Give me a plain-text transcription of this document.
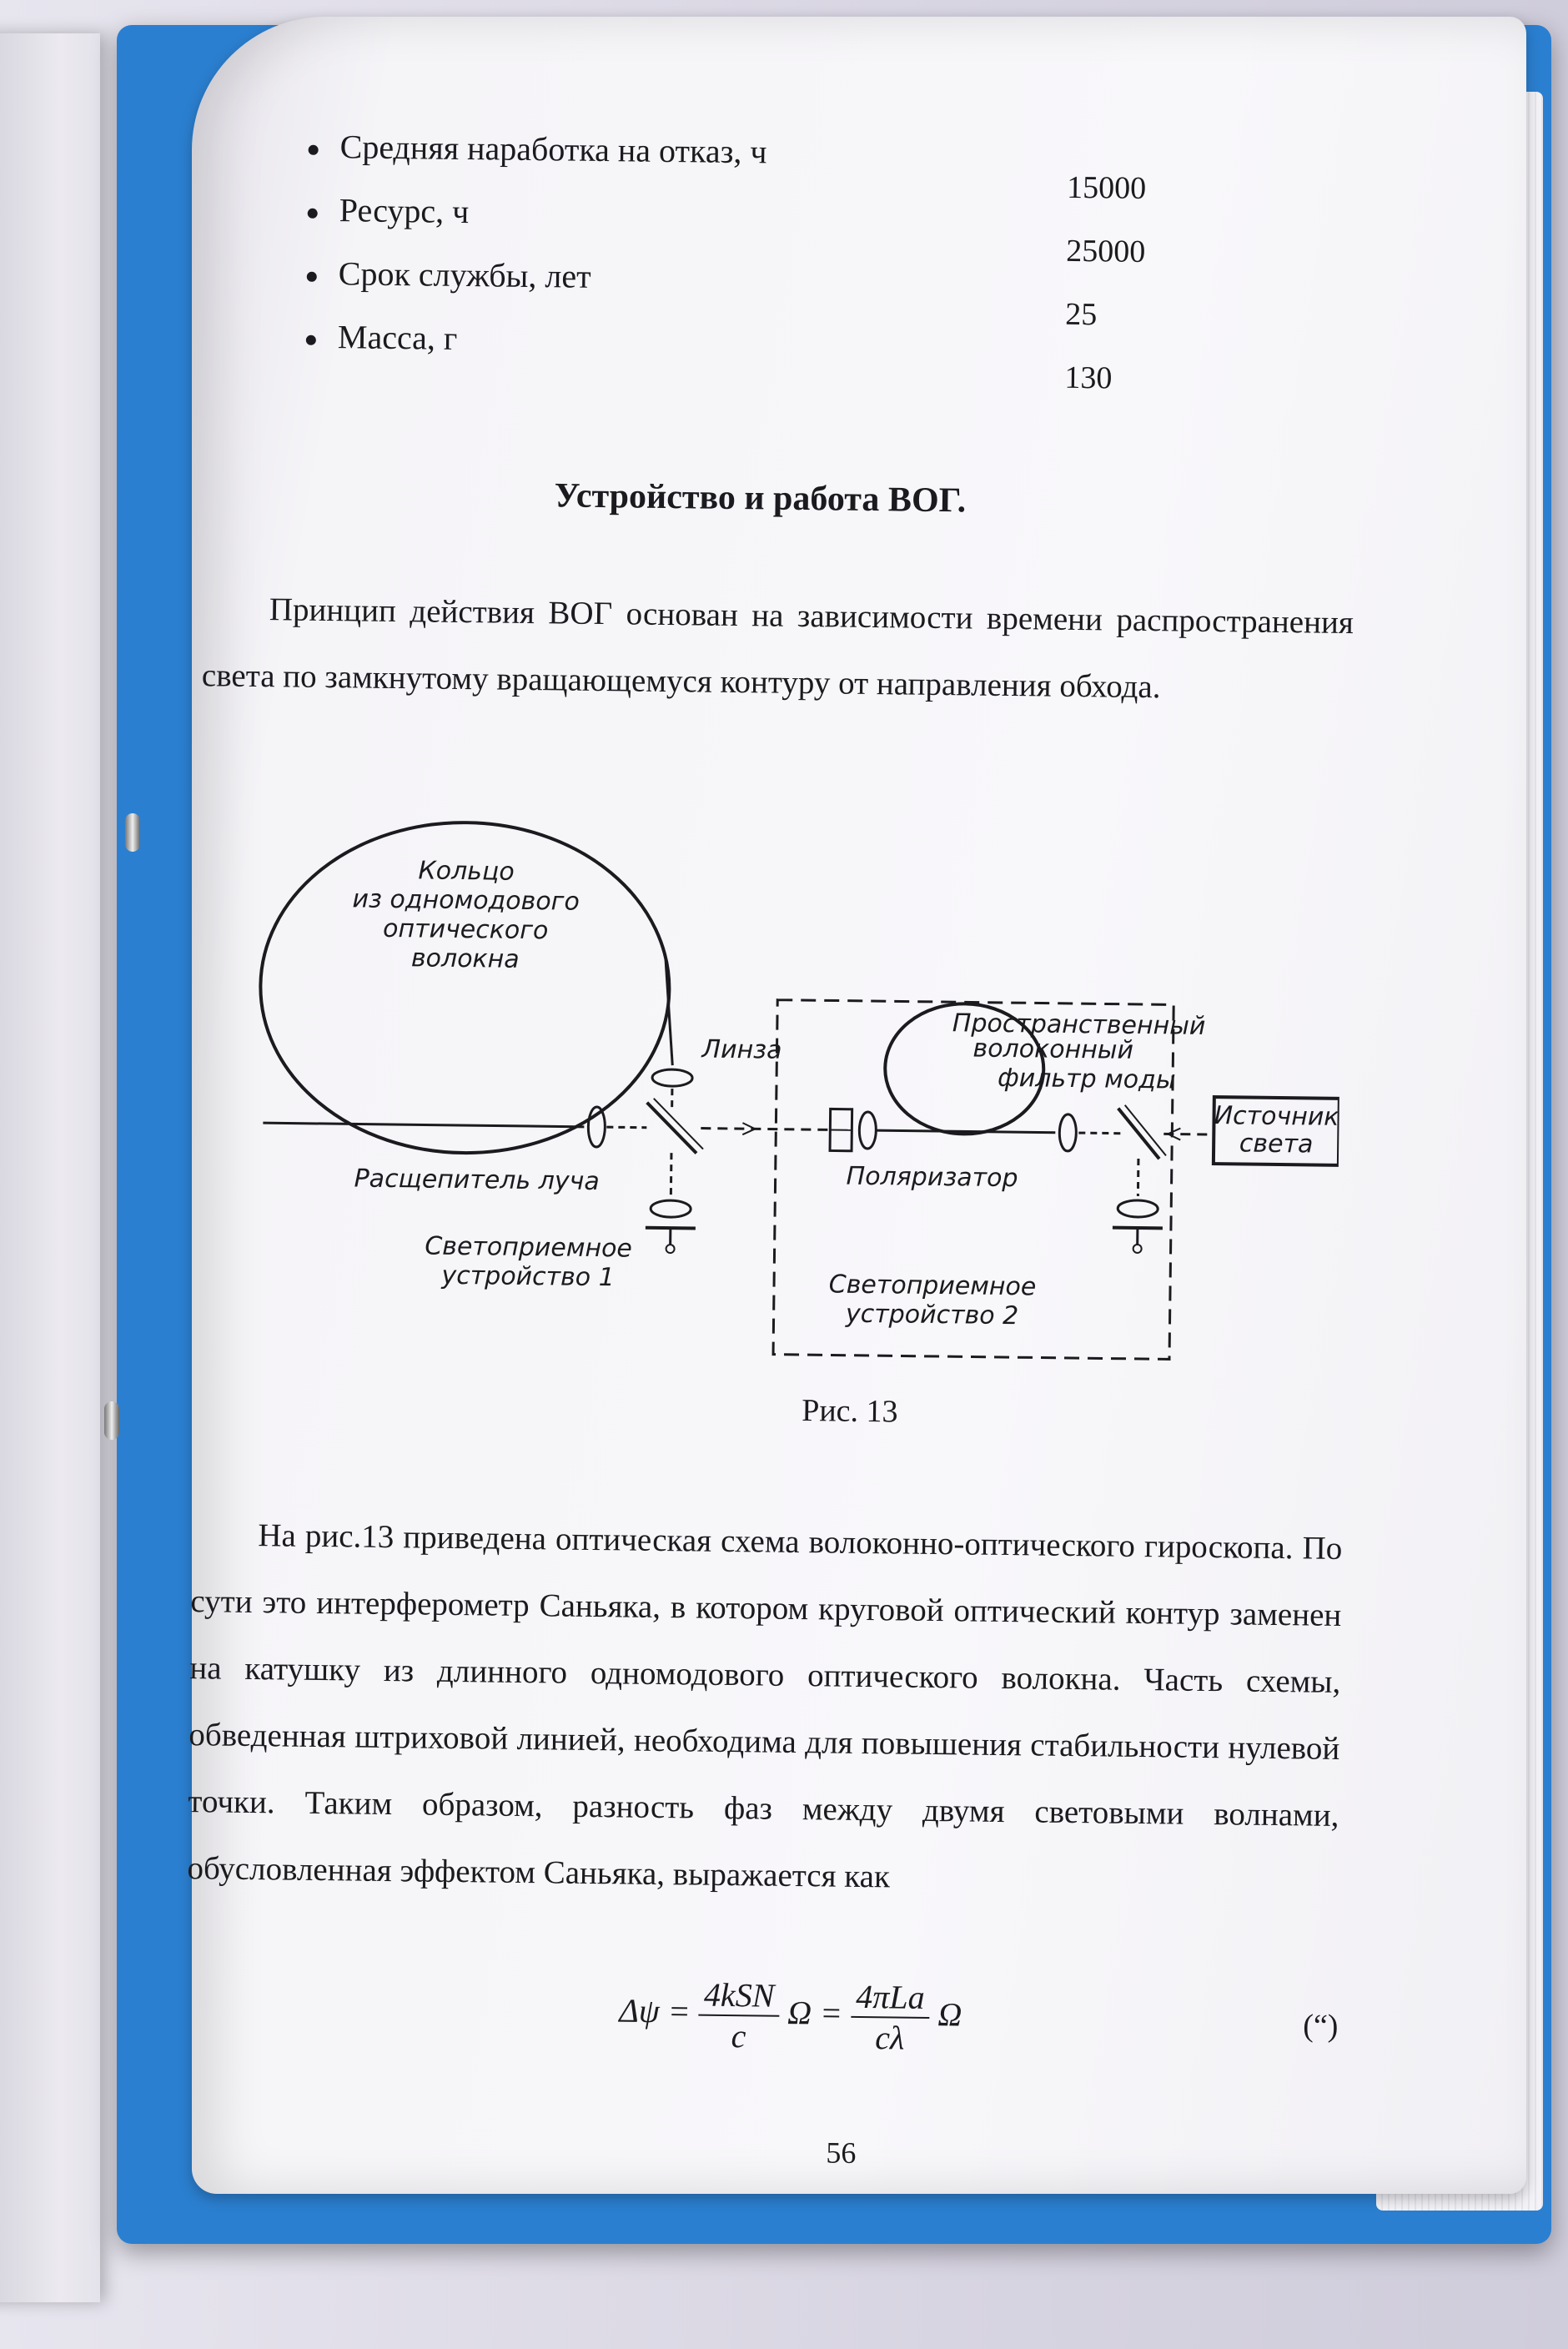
Средняя наработка на отказ, ч
Ресурс, ч
Срок службы, лет
Масса, г
15000
25000
25
130
Устройство и работа ВОГ.
Принцип действия ВОГ основан на зависимости времени распространения света по замкнутому вращающемуся контуру от направления обхода.
Кольцо
из одномодового
оптического
волокна
Линза
Расщепитель луча
Светоприемное
устройство 1
Поляризатор
Пространственный
волоконный
фильтр моды
Светоприемное
устройство 2
Источник
света
Рис. 13
На рис.13 приведена оптическая схема волоконно-оптического гироскопа. По сути это интерферометр Саньяка, в котором круговой оптический контур заменен на катушку из длинного одномодового оптического волокна. Часть схемы, обведенная штриховой линией, необходима для повышения стабильности нулевой точки. Таким образом, разность фаз между двумя световыми волнами, обусловленная эффектом Саньяка, выражается как
$\Delta\psi = \frac{\text{4kSN}}{c}$ $\Omega = \frac{\text{4πLa}}{c\lambda}$ Ω	(“)
56
